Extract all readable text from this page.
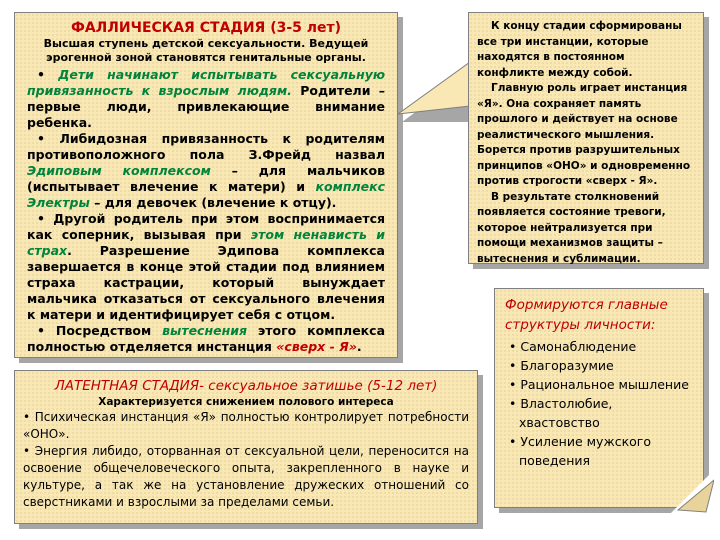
ФАЛЛИЧЕСКАЯ СТАДИЯ (3-5 лет)

Высшая ступень детской сексуальности. Ведущей

эрогенной зоной становятся генитальные органы.

• Дети начинают испытывать сексуальную привязанность к взрослым людям. Родители – первые люди, привлекающие внимание ребенка.

• Либидозная привязанность к родителям противоположного пола З.Фрейд назвал Эдиповым комплексом – для мальчиков (испытывает влечение к матери) и комплекс Электры – для девочек (влечение к отцу).

• Другой родитель при этом воспринимается как соперник, вызывая при этом ненависть и страх. Разрешение Эдипова комплекса завершается в конце этой стадии под влиянием страха кастрации, который вынуждает мальчика отказаться от сексуального влечения к матери и идентифицирует себя с отцом.

• Посредством вытеснения этого комплекса полностью отделяется инстанция «сверх - Я».

К концу стадии сформированы все три инстанции, которые находятся в постоянном конфликте между собой.

Главную роль играет инстанция «Я». Она сохраняет память прошлого и действует на основе реалистического мышления. Борется против разрушительных принципов «ОНО» и одновременно против строгости «сверх - Я».

В результате столкновений появляется состояние тревоги, которое нейтрализуется при помощи механизмов защиты – вытеснения и сублимации.

ЛАТЕНТНАЯ СТАДИЯ- сексуальное затишье (5-12 лет)

Характеризуется снижением полового интереса

• Психическая инстанция «Я» полностью контролирует потребности «ОНО».

• Энергия либидо, оторванная от сексуальной цели, переносится на освоение общечеловеческого опыта, закрепленного в науке и культуре, а так же на установление дружеских отношений со сверстниками и взрослыми за пределами семьи.

Формируются главные структуры личности:
• Самонаблюдение
• Благоразумие
• Рациональное мышление
• Властолюбие, хвастовство
• Усиление мужского поведения
